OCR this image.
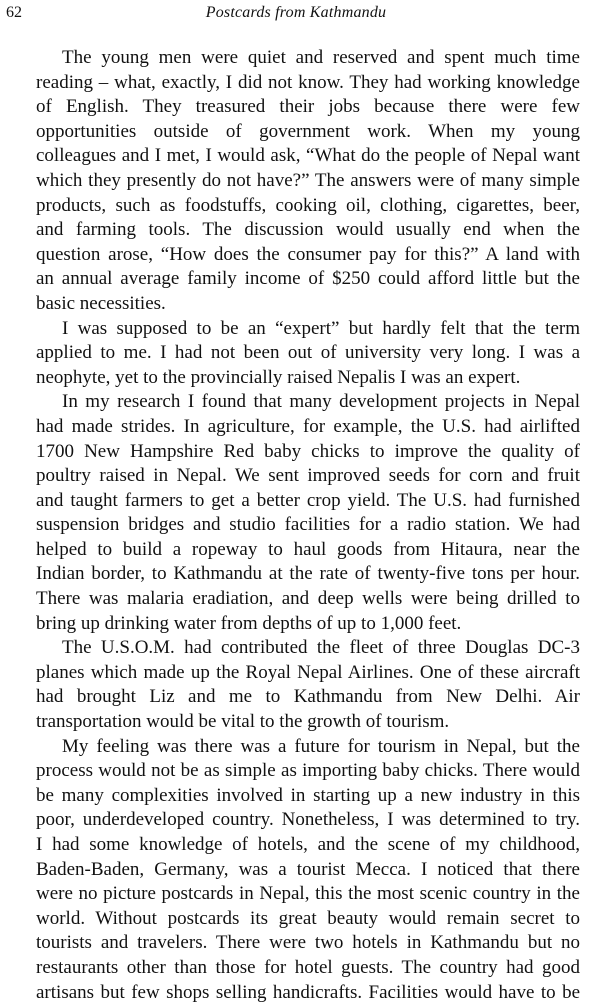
62	Postcards from Kathmandu
The young men were quiet and reserved and spent much time
reading – what, exactly, I did not know. They had working knowledge
of English. They treasured their jobs because there were few
opportunities outside of government work. When my young
colleagues and I met, I would ask, “What do the people of Nepal want
which they presently do not have?” The answers were of many simple
products, such as foodstuffs, cooking oil, clothing, cigarettes, beer,
and farming tools. The discussion would usually end when the
question arose, “How does the consumer pay for this?” A land with
an annual average family income of $250 could afford little but the
basic necessities.
I was supposed to be an “expert” but hardly felt that the term
applied to me. I had not been out of university very long. I was a
neophyte, yet to the provincially raised Nepalis I was an expert.
In my research I found that many development projects in Nepal
had made strides. In agriculture, for example, the U.S. had airlifted
1700 New Hampshire Red baby chicks to improve the quality of
poultry raised in Nepal. We sent improved seeds for corn and fruit
and taught farmers to get a better crop yield. The U.S. had furnished
suspension bridges and studio facilities for a radio station. We had
helped to build a ropeway to haul goods from Hitaura, near the
Indian border, to Kathmandu at the rate of twenty-five tons per hour.
There was malaria eradiation, and deep wells were being drilled to
bring up drinking water from depths of up to 1,000 feet.
The U.S.O.M. had contributed the fleet of three Douglas DC-3
planes which made up the Royal Nepal Airlines. One of these aircraft
had brought Liz and me to Kathmandu from New Delhi. Air
transportation would be vital to the growth of tourism.
My feeling was there was a future for tourism in Nepal, but the
process would not be as simple as importing baby chicks. There would
be many complexities involved in starting up a new industry in this
poor, underdeveloped country. Nonetheless, I was determined to try.
I had some knowledge of hotels, and the scene of my childhood,
Baden-Baden, Germany, was a tourist Mecca. I noticed that there
were no picture postcards in Nepal, this the most scenic country in the
world. Without postcards its great beauty would remain secret to
tourists and travelers. There were two hotels in Kathmandu but no
restaurants other than those for hotel guests. The country had good
artisans but few shops selling handicrafts. Facilities would have to be
